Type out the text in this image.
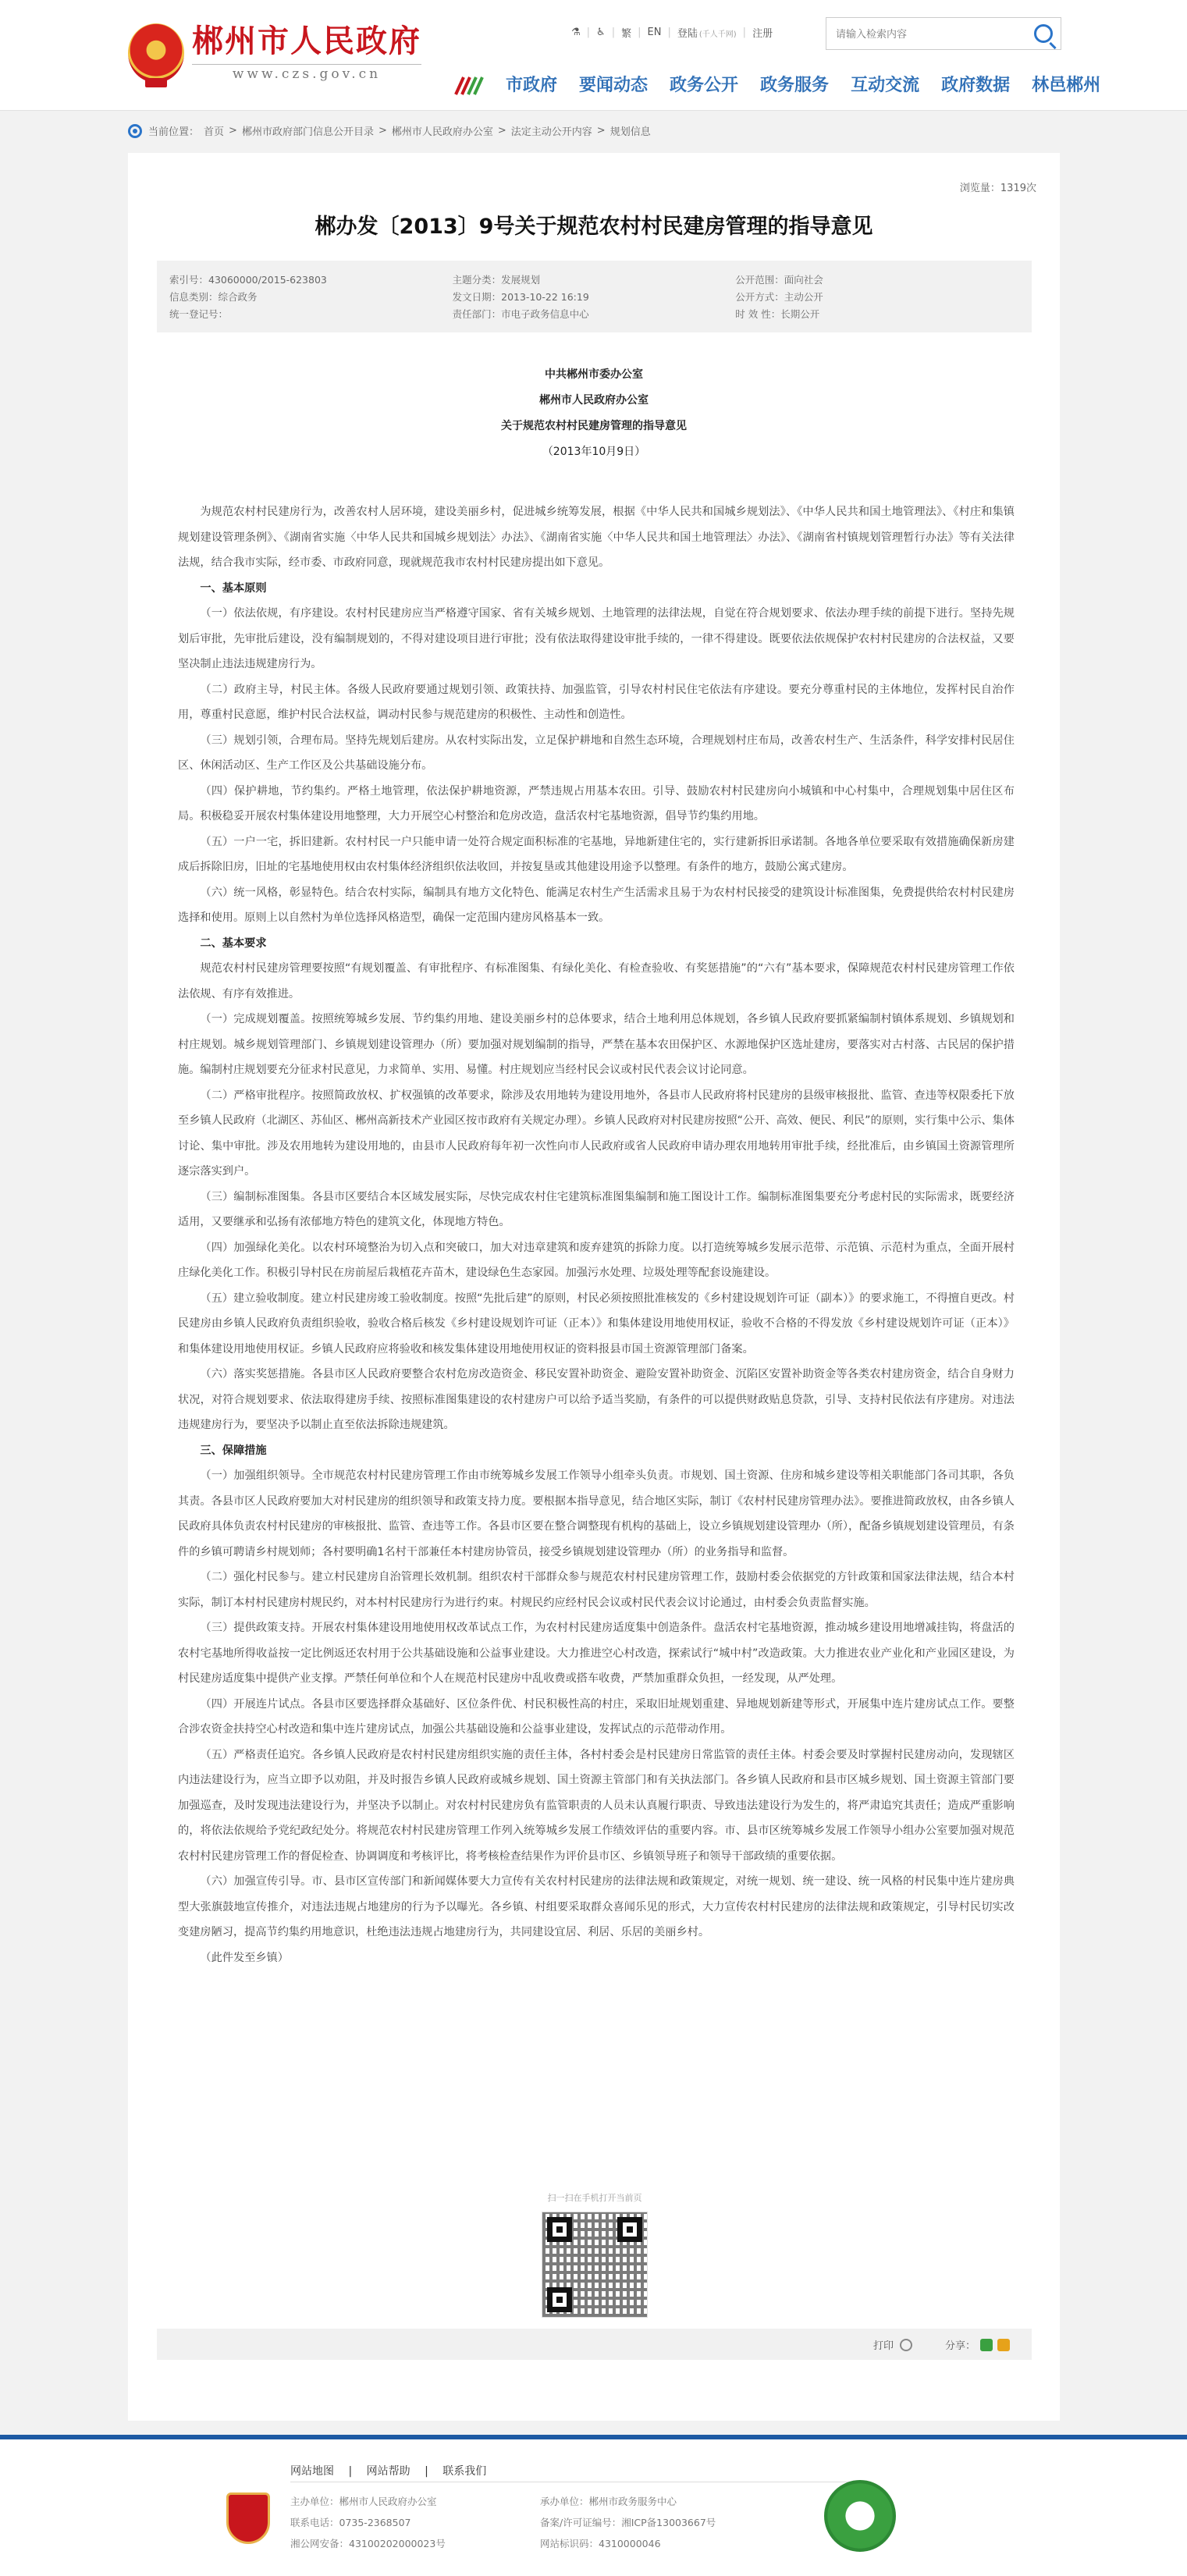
郴州市人民政府
www.czs.gov.cn
⚗ | ♿ | 繁 | EN | 登陆 (千人千网) | 注册
请输入检索内容
市政府 要闻动态 政务公开 政务服务 互动交流 政府数据 林邑郴州
当前位置： 首页 > 郴州市政府部门信息公开目录 > 郴州市人民政府办公室 > 法定主动公开内容 > 规划信息
浏览量：1319次
郴办发〔2013〕9号关于规范农村村民建房管理的指导意见
索引号：43060000/2015-623803	主题分类：发展规划	公开范围：面向社会
信息类别：综合政务	发文日期：2013-10-22 16:19	公开方式：主动公开
统一登记号：	责任部门：市电子政务信息中心	时 效 性：长期公开
中共郴州市委办公室
郴州市人民政府办公室
关于规范农村村民建房管理的指导意见
（2013年10月9日）

为规范农村村民建房行为，改善农村人居环境，建设美丽乡村，促进城乡统筹发展，根据《中华人民共和国城乡规划法》、《中华人民共和国土地管理法》、《村庄和集镇规划建设管理条例》、《湖南省实施〈中华人民共和国城乡规划法〉办法》、《湖南省实施〈中华人民共和国土地管理法〉办法》、《湖南省村镇规划管理暂行办法》等有关法律法规，结合我市实际，经市委、市政府同意，现就规范我市农村村民建房提出如下意见。

一、基本原则

（一）依法依规，有序建设。农村村民建房应当严格遵守国家、省有关城乡规划、土地管理的法律法规，自觉在符合规划要求、依法办理手续的前提下进行。坚持先规划后审批，先审批后建设，没有编制规划的，不得对建设项目进行审批；没有依法取得建设审批手续的，一律不得建设。既要依法依规保护农村村民建房的合法权益，又要坚决制止违法违规建房行为。

（二）政府主导，村民主体。各级人民政府要通过规划引领、政策扶持、加强监管，引导农村村民住宅依法有序建设。要充分尊重村民的主体地位，发挥村民自治作用，尊重村民意愿，维护村民合法权益，调动村民参与规范建房的积极性、主动性和创造性。

（三）规划引领，合理布局。坚持先规划后建房。从农村实际出发，立足保护耕地和自然生态环境，合理规划村庄布局，改善农村生产、生活条件，科学安排村民居住区、休闲活动区、生产工作区及公共基础设施分布。

（四）保护耕地，节约集约。严格土地管理，依法保护耕地资源，严禁违规占用基本农田。引导、鼓励农村村民建房向小城镇和中心村集中，合理规划集中居住区布局。积极稳妥开展农村集体建设用地整理，大力开展空心村整治和危房改造，盘活农村宅基地资源，倡导节约集约用地。

（五）一户一宅，拆旧建新。农村村民一户只能申请一处符合规定面积标准的宅基地，异地新建住宅的，实行建新拆旧承诺制。各地各单位要采取有效措施确保新房建成后拆除旧房，旧址的宅基地使用权由农村集体经济组织依法收回，并按复垦或其他建设用途予以整理。有条件的地方，鼓励公寓式建房。

（六）统一风格，彰显特色。结合农村实际，编制具有地方文化特色、能满足农村生产生活需求且易于为农村村民接受的建筑设计标准图集，免费提供给农村村民建房选择和使用。原则上以自然村为单位选择风格造型，确保一定范围内建房风格基本一致。

二、基本要求

规范农村村民建房管理要按照“有规划覆盖、有审批程序、有标准图集、有绿化美化、有检查验收、有奖惩措施”的“六有”基本要求，保障规范农村村民建房管理工作依法依规、有序有效推进。

（一）完成规划覆盖。按照统筹城乡发展、节约集约用地、建设美丽乡村的总体要求，结合土地利用总体规划，各乡镇人民政府要抓紧编制村镇体系规划、乡镇规划和村庄规划。城乡规划管理部门、乡镇规划建设管理办（所）要加强对规划编制的指导，严禁在基本农田保护区、水源地保护区选址建房，要落实对古村落、古民居的保护措施。编制村庄规划要充分征求村民意见，力求简单、实用、易懂。村庄规划应当经村民会议或村民代表会议讨论同意。

（二）严格审批程序。按照简政放权、扩权强镇的改革要求，除涉及农用地转为建设用地外，各县市人民政府将村民建房的县级审核报批、监管、查违等权限委托下放至乡镇人民政府（北湖区、苏仙区、郴州高新技术产业园区按市政府有关规定办理）。乡镇人民政府对村民建房按照“公开、高效、便民、利民”的原则，实行集中公示、集体讨论、集中审批。涉及农用地转为建设用地的，由县市人民政府每年初一次性向市人民政府或省人民政府申请办理农用地转用审批手续，经批准后，由乡镇国土资源管理所逐宗落实到户。

（三）编制标准图集。各县市区要结合本区域发展实际，尽快完成农村住宅建筑标准图集编制和施工图设计工作。编制标准图集要充分考虑村民的实际需求，既要经济适用，又要继承和弘扬有浓郁地方特色的建筑文化，体现地方特色。

（四）加强绿化美化。以农村环境整治为切入点和突破口，加大对违章建筑和废弃建筑的拆除力度。以打造统筹城乡发展示范带、示范镇、示范村为重点，全面开展村庄绿化美化工作。积极引导村民在房前屋后栽植花卉苗木，建设绿色生态家园。加强污水处理、垃圾处理等配套设施建设。

（五）建立验收制度。建立村民建房竣工验收制度。按照“先批后建”的原则，村民必须按照批准核发的《乡村建设规划许可证（副本）》的要求施工，不得擅自更改。村民建房由乡镇人民政府负责组织验收，验收合格后核发《乡村建设规划许可证（正本）》和集体建设用地使用权证，验收不合格的不得发放《乡村建设规划许可证（正本）》和集体建设用地使用权证。乡镇人民政府应将验收和核发集体建设用地使用权证的资料报县市国土资源管理部门备案。

（六）落实奖惩措施。各县市区人民政府要整合农村危房改造资金、移民安置补助资金、避险安置补助资金、沉陷区安置补助资金等各类农村建房资金，结合自身财力状况，对符合规划要求、依法取得建房手续、按照标准图集建设的农村建房户可以给予适当奖励，有条件的可以提供财政贴息贷款，引导、支持村民依法有序建房。对违法违规建房行为，要坚决予以制止直至依法拆除违规建筑。

三、保障措施

（一）加强组织领导。全市规范农村村民建房管理工作由市统筹城乡发展工作领导小组牵头负责。市规划、国土资源、住房和城乡建设等相关职能部门各司其职，各负其责。各县市区人民政府要加大对村民建房的组织领导和政策支持力度。要根据本指导意见，结合地区实际，制订《农村村民建房管理办法》。要推进简政放权，由各乡镇人民政府具体负责农村村民建房的审核报批、监管、查违等工作。各县市区要在整合调整现有机构的基础上，设立乡镇规划建设管理办（所），配备乡镇规划建设管理员，有条件的乡镇可聘请乡村规划师；各村要明确1名村干部兼任本村建房协管员，接受乡镇规划建设管理办（所）的业务指导和监督。

（二）强化村民参与。建立村民建房自治管理长效机制。组织农村干部群众参与规范农村村民建房管理工作，鼓励村委会依据党的方针政策和国家法律法规，结合本村实际，制订本村村民建房村规民约，对本村村民建房行为进行约束。村规民约应经村民会议或村民代表会议讨论通过，由村委会负责监督实施。

（三）提供政策支持。开展农村集体建设用地使用权改革试点工作，为农村村民建房适度集中创造条件。盘活农村宅基地资源，推动城乡建设用地增减挂钩，将盘活的农村宅基地所得收益按一定比例返还农村用于公共基础设施和公益事业建设。大力推进空心村改造，探索试行“城中村”改造政策。大力推进农业产业化和产业园区建设，为村民建房适度集中提供产业支撑。严禁任何单位和个人在规范村民建房中乱收费或搭车收费，严禁加重群众负担，一经发现，从严处理。

（四）开展连片试点。各县市区要选择群众基础好、区位条件优、村民积极性高的村庄，采取旧址规划重建、异地规划新建等形式，开展集中连片建房试点工作。要整合涉农资金扶持空心村改造和集中连片建房试点，加强公共基础设施和公益事业建设，发挥试点的示范带动作用。

（五）严格责任追究。各乡镇人民政府是农村村民建房组织实施的责任主体，各村村委会是村民建房日常监管的责任主体。村委会要及时掌握村民建房动向，发现辖区内违法建设行为，应当立即予以劝阻，并及时报告乡镇人民政府或城乡规划、国土资源主管部门和有关执法部门。各乡镇人民政府和县市区城乡规划、国土资源主管部门要加强巡查，及时发现违法建设行为，并坚决予以制止。对农村村民建房负有监管职责的人员未认真履行职责、导致违法建设行为发生的，将严肃追究其责任；造成严重影响的，将依法依规给予党纪政纪处分。将规范农村村民建房管理工作列入统筹城乡发展工作绩效评估的重要内容。市、县市区统筹城乡发展工作领导小组办公室要加强对规范农村村民建房管理工作的督促检查、协调调度和考核评比，将考核检查结果作为评价县市区、乡镇领导班子和领导干部政绩的重要依据。

（六）加强宣传引导。市、县市区宣传部门和新闻媒体要大力宣传有关农村村民建房的法律法规和政策规定，对统一规划、统一建设、统一风格的村民集中连片建房典型大张旗鼓地宣传推介，对违法违规占地建房的行为予以曝光。各乡镇、村组要采取群众喜闻乐见的形式，大力宣传农村村民建房的法律法规和政策规定，引导村民切实改变建房陋习，提高节约集约用地意识，杜绝违法违规占地建房行为，共同建设宜居、利居、乐居的美丽乡村。

（此件发至乡镇）

扫一扫在手机打开当前页
打印	分享：
网站地图 | 网站帮助 | 联系我们
主办单位：郴州市人民政府办公室
联系电话：0735-2368507
湘公网安备：43100202000023号
承办单位：郴州市政务服务中心
备案/许可证编号：湘ICP备13003667号
网站标识码：4310000046
